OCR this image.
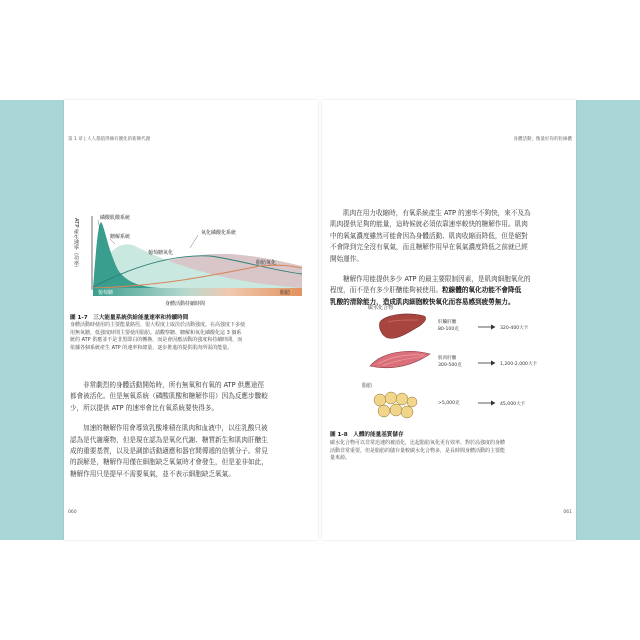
第 1 章 | 人人都值得擁有優化的新陳代謝
磷酸肌酸系統
糖解系統
氧化磷酸化系統
葡萄糖氧化
脂肪氧化
葡萄糖	脂肪
身體活動持續時間
ATP 產生速率（功率）
圖 1-7　三大能量系統供給能量速率和持續時間
身體活動時使用的主要能量路徑，很大程度上取決於活動強度。在高強度下多使
用無氧糖，低強度時則主要使用脂肪。請觀察糖、糖解和氧化磷酸化這 3 個系
統的 ATP 供應並不是非黑即白的轉換，而是會因應活動的強度和持續時間，而
依據各個系統產生 ATP 的速率和總量，逐步推進的提供肌肉所需的能量。

非常劇烈的身體活動開始時，所有無氧和有氧的 ATP 供應途徑
都會被活化。但是無氧系統（磷酸肌酸和糖解作用）因為反應步驟較
少，所以提供 ATP 的速率會比有氧系統要快得多。

加速的糖解作用會導致乳酸堆積在肌肉和血液中，以往乳酸只被
認為是代謝廢物，但是現在認為是氧化代謝、糖質新生和肌肉肝醣生
成的重要基質，以及是調節活動適應和器官間傳遞的信號分子。常見
的誤解是，糖解作用僅在細胞缺乏氧氣時才會發生，但是並非如此，
糖解作用只是提早不需要氧氣，並不表示細胞缺乏氧氣。

060
身體活動，衡量好你的粒線體

肌肉在用力收縮時，有氧系統產生 ATP 的速率不夠快，來不及為
肌肉提供足夠的能量，這時候就必須依靠速率較快的糖解作用。肌肉
中的氧氣濃度雖然可能會因為身體活動、肌肉收縮而降低，但是絕對
不會降到完全沒有氧氣，而且糖解作用早在氧氣濃度降低之前就已經
開始運作。

糖解作用能提供多少 ATP 的最主要限制因素，是肌肉細胞氧化的
程度，而不是有多少肝醣能夠被使用。粒線體的氧化功能不會降低
乳酸的清除能力，造成肌肉細胞較快氧化而容易感到疲勞無力。

碳水化合物
肝臟肝醣
80-100克	320-400大卡
肌肉肝醣
300-500克	1,200-2,000大卡
脂肪
>5,000克	45,000大卡
圖 1-8　人體的能量基質儲存
碳水化合物可以非常迅速的被消化，比起脂肪氧化更有效率。對於高強度的身體
活動非常重要，但是脂肪的儲存量較碳水化合物多，是長時間身體活動的主要能
量來源。
061
